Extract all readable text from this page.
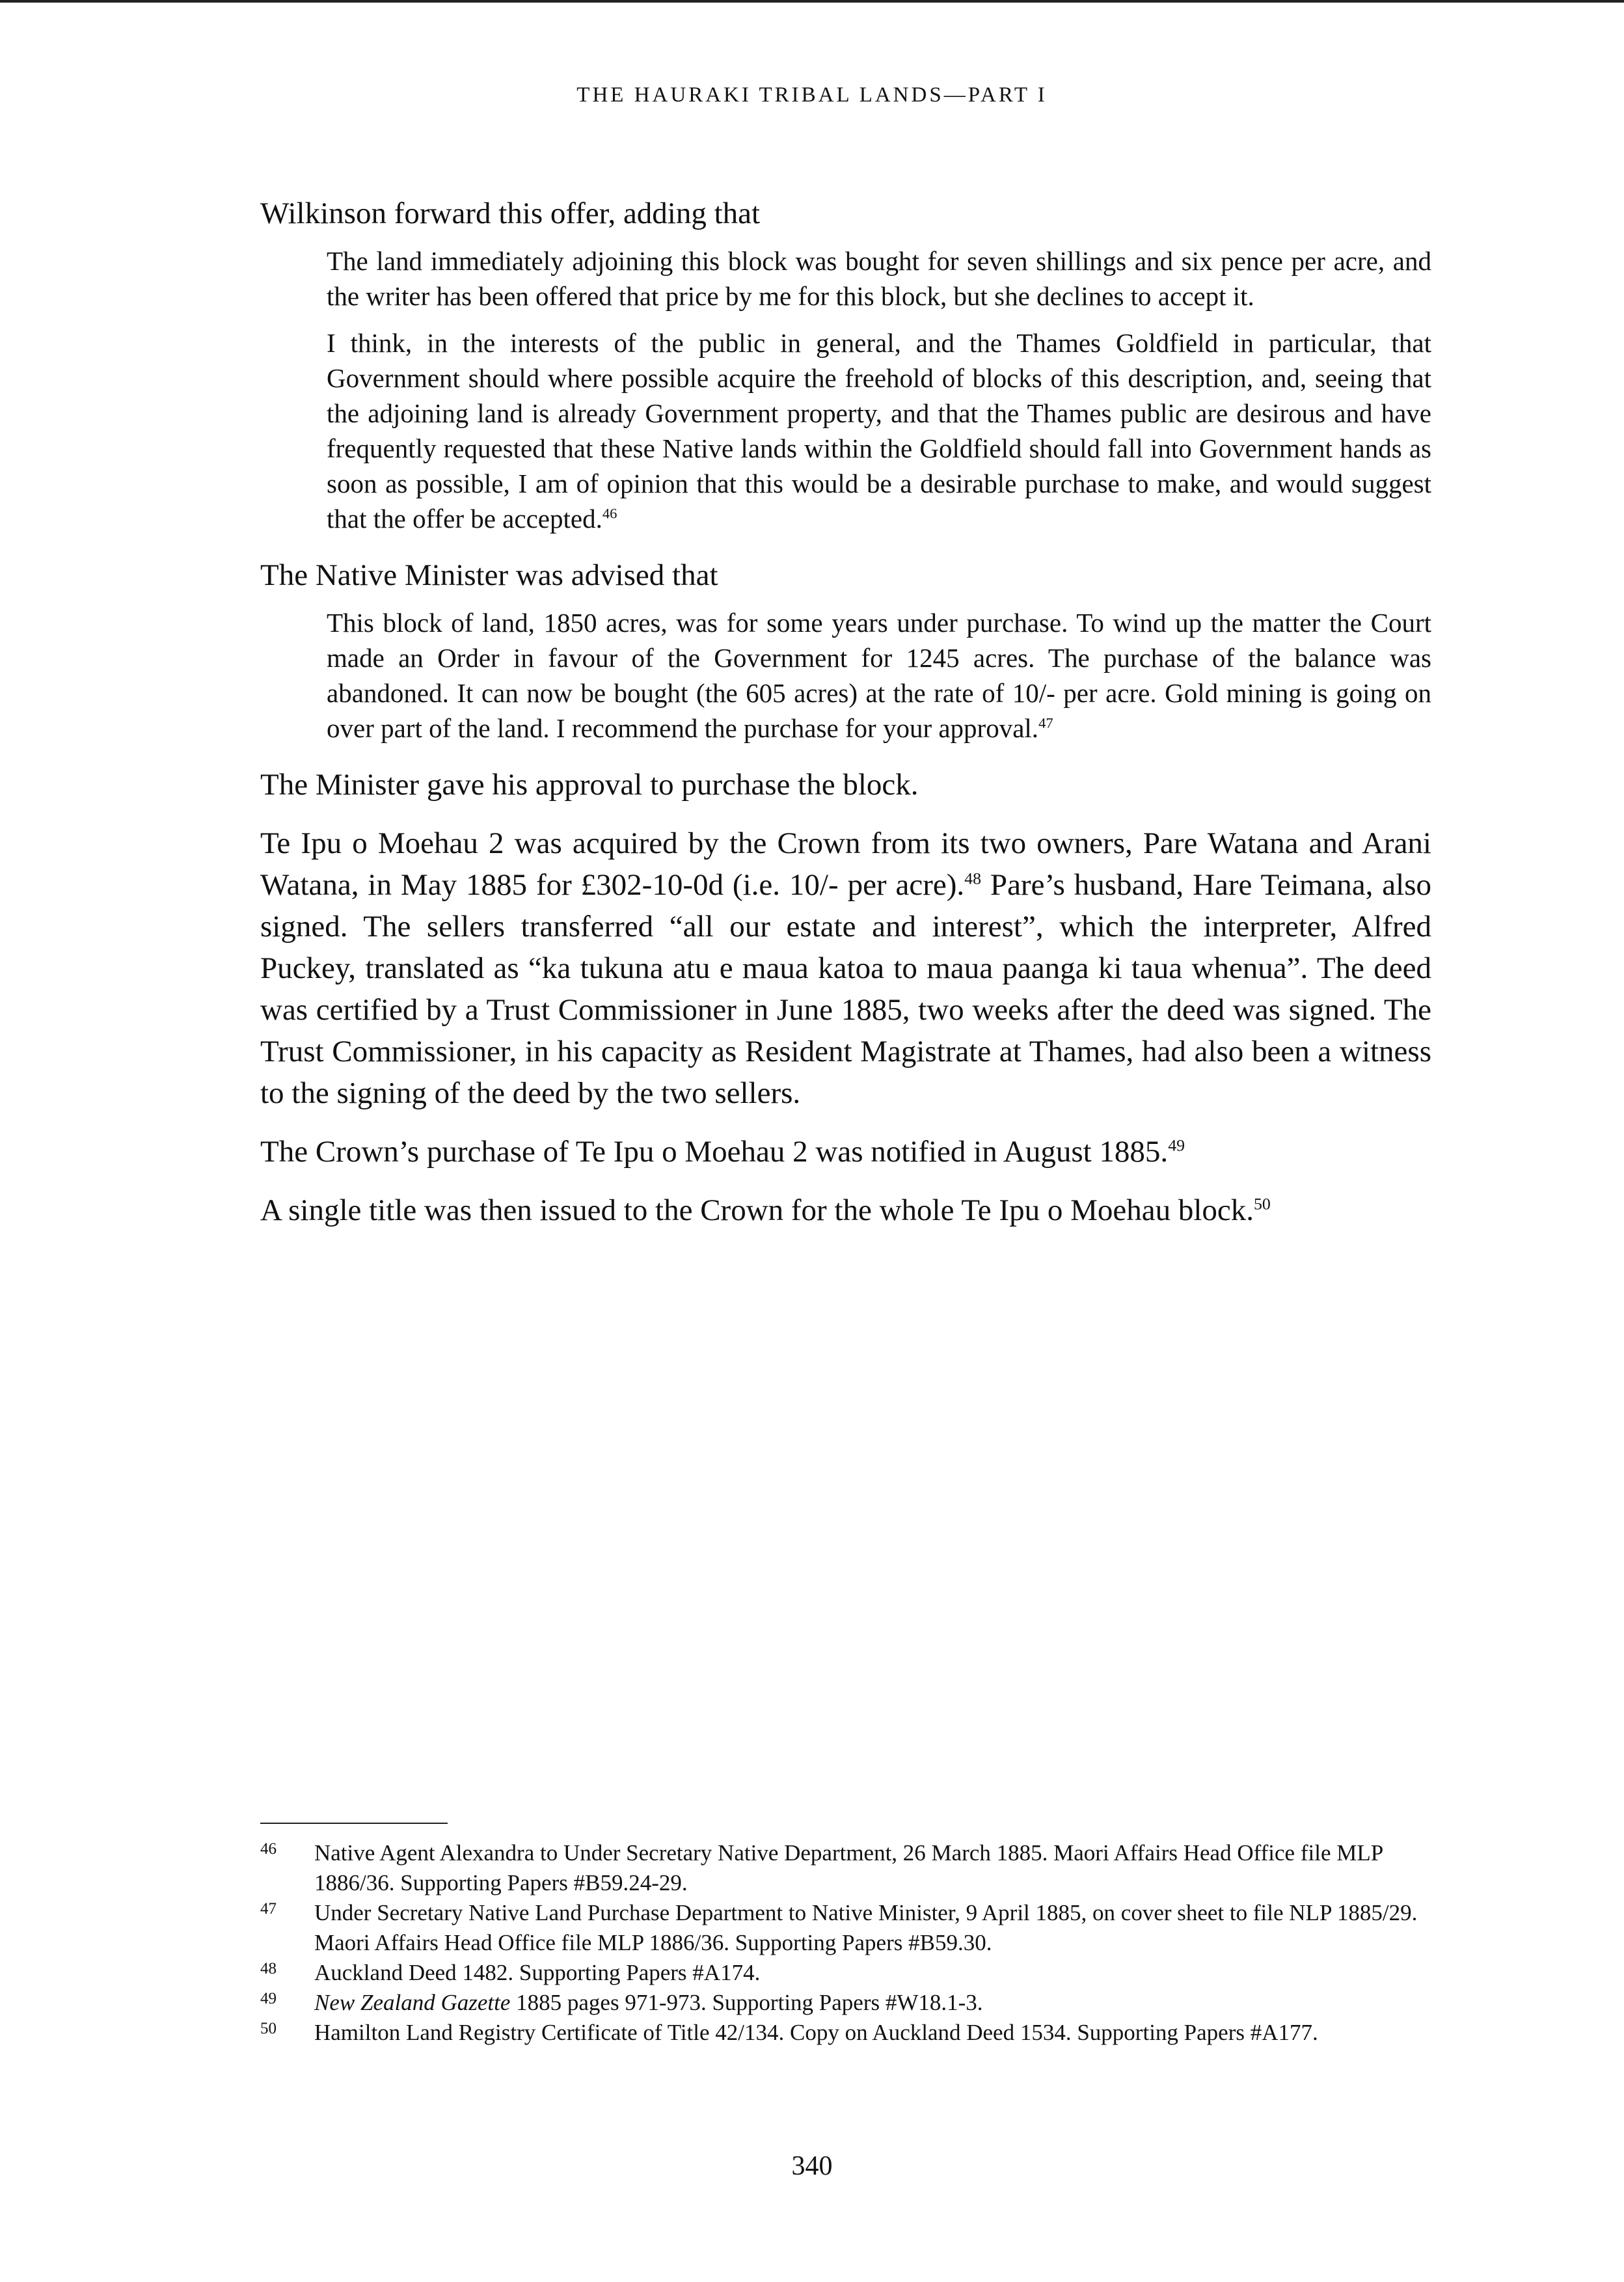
THE HAURAKI TRIBAL LANDS—PART I

Wilkinson forward this offer, adding that

The land immediately adjoining this block was bought for seven shillings and six pence per acre, and the writer has been offered that price by me for this block, but she declines to accept it.

I think, in the interests of the public in general, and the Thames Goldfield in particular, that Government should where possible acquire the freehold of blocks of this description, and, seeing that the adjoining land is already Government property, and that the Thames public are desirous and have frequently requested that these Native lands within the Goldfield should fall into Government hands as soon as possible, I am of opinion that this would be a desirable purchase to make, and would suggest that the offer be accepted.$^{46}$

The Native Minister was advised that

This block of land, 1850 acres, was for some years under purchase. To wind up the matter the Court made an Order in favour of the Government for 1245 acres. The purchase of the balance was abandoned. It can now be bought (the 605 acres) at the rate of 10/- per acre. Gold mining is going on over part of the land. I recommend the purchase for your approval.$^{47}$

The Minister gave his approval to purchase the block.

Te Ipu o Moehau 2 was acquired by the Crown from its two owners, Pare Watana and Arani Watana, in May 1885 for £302-10-0d (i.e. 10/- per acre).$^{48}$ Pare’s husband, Hare Teimana, also signed. The sellers transferred “all our estate and interest”, which the interpreter, Alfred Puckey, translated as “ka tukuna atu e maua katoa to maua paanga ki taua whenua”. The deed was certified by a Trust Commissioner in June 1885, two weeks after the deed was signed. The Trust Commissioner, in his capacity as Resident Magistrate at Thames, had also been a witness to the signing of the deed by the two sellers.

The Crown’s purchase of Te Ipu o Moehau 2 was notified in August 1885.49

A single title was then issued to the Crown for the whole Te Ipu o Moehau block.$^{50}$

46	Native Agent Alexandra to Under Secretary Native Department, 26 March 1885. Maori Affairs Head Office file MLP 1886/36. Supporting Papers #B59.24-29.
47	Under Secretary Native Land Purchase Department to Native Minister, 9 April 1885, on cover sheet to file NLP 1885/29. Maori Affairs Head Office file MLP 1886/36. Supporting Papers #B59.30.
48	Auckland Deed 1482. Supporting Papers #A174.
49	New Zealand Gazette 1885 pages 971-973. Supporting Papers #W18.1-3.
50	Hamilton Land Registry Certificate of Title 42/134. Copy on Auckland Deed 1534. Supporting Papers #A177.
340
